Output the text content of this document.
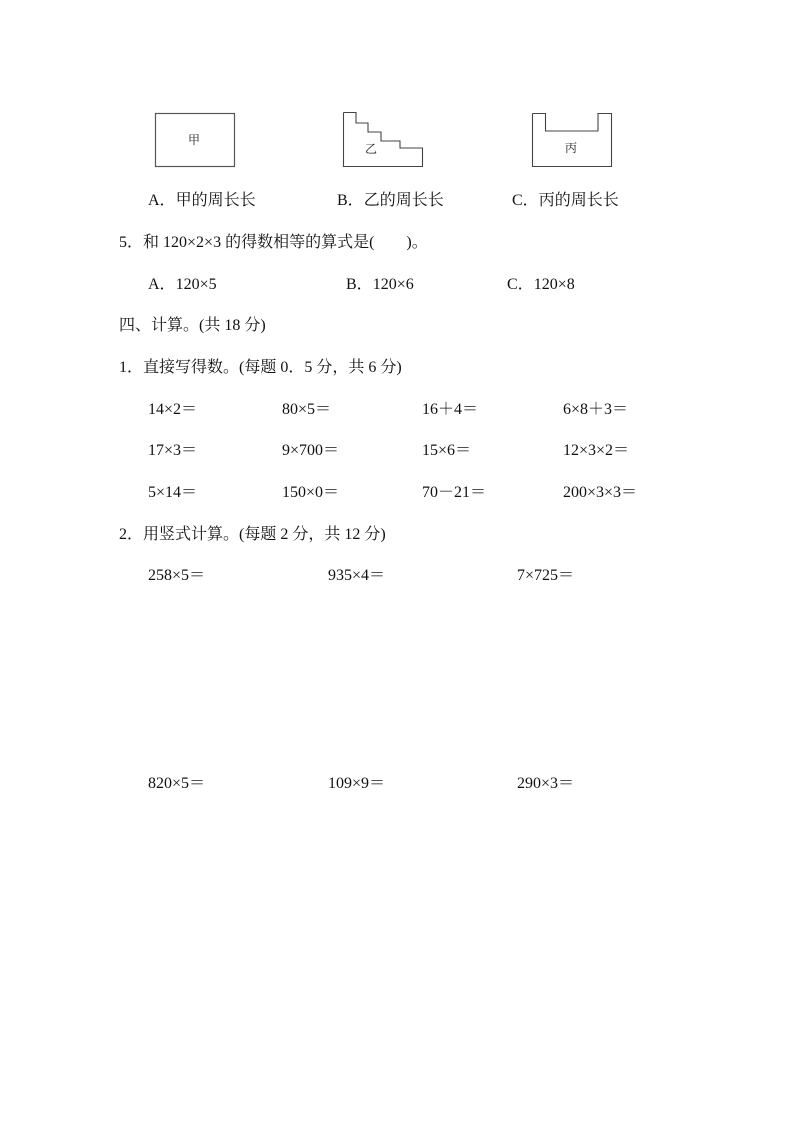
甲
乙	丙
A．甲的周长长	B．乙的周长长	C．丙的周长长
5．和 120×2×3 的得数相等的算式是(　　)。
A．120×5	B．120×6	C．120×8
四、计算。(共 18 分)
1．直接写得数。(每题 0．5 分，共 6 分)
14×2＝	80×5＝	16＋4＝	6×8＋3＝
17×3＝	9×700＝	15×6＝	12×3×2＝
5×14＝	150×0＝	70－21＝	200×3×3＝
2．用竖式计算。(每题 2 分，共 12 分)
258×5＝	935×4＝	7×725＝
820×5＝	109×9＝	290×3＝
